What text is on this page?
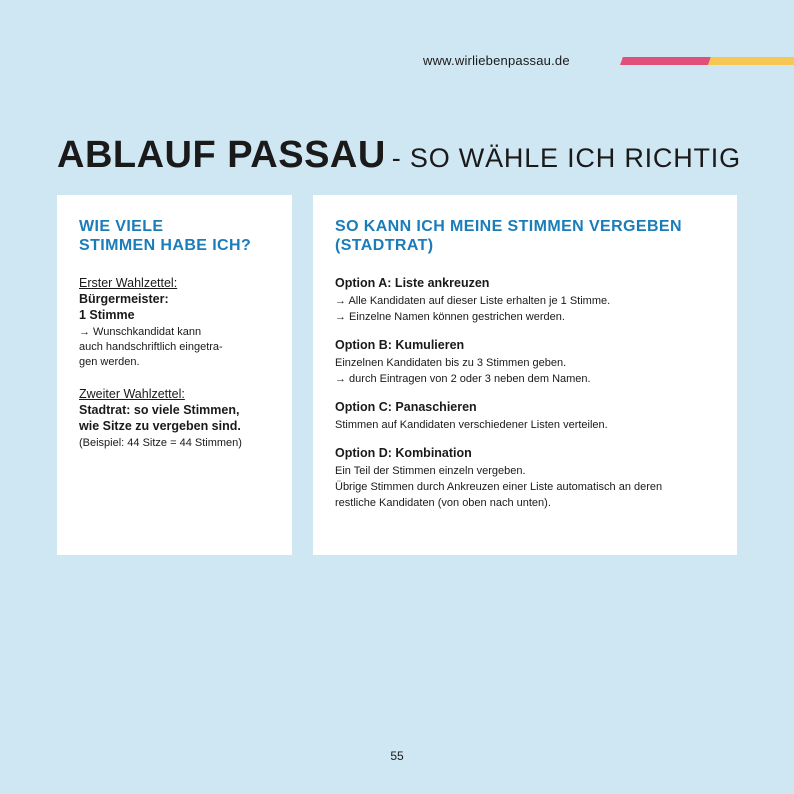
www.wirliebenpassau.de
ABLAUF PASSAU - SO WÄHLE ICH RICHTIG
WIE VIELE
STIMMEN HABE ICH?
Erster Wahlzettel:
Bürgermeister:
1 Stimme
→ Wunschkandidat kann
auch handschriftlich eingetra-
gen werden.
Zweiter Wahlzettel:
Stadtrat: so viele Stimmen,
wie Sitze zu vergeben sind.
(Beispiel: 44 Sitze = 44 Stimmen)
SO KANN ICH MEINE STIMMEN VERGEBEN
(STADTRAT)
Option A: Liste ankreuzen
→ Alle Kandidaten auf dieser Liste erhalten je 1 Stimme.
→ Einzelne Namen können gestrichen werden.
Option B: Kumulieren
Einzelnen Kandidaten bis zu 3 Stimmen geben.
→ durch Eintragen von 2 oder 3 neben dem Namen.
Option C: Panaschieren
Stimmen auf Kandidaten verschiedener Listen verteilen.
Option D: Kombination
Ein Teil der Stimmen einzeln vergeben.
Übrige Stimmen durch Ankreuzen einer Liste automatisch an deren
restliche Kandidaten (von oben nach unten).
55
